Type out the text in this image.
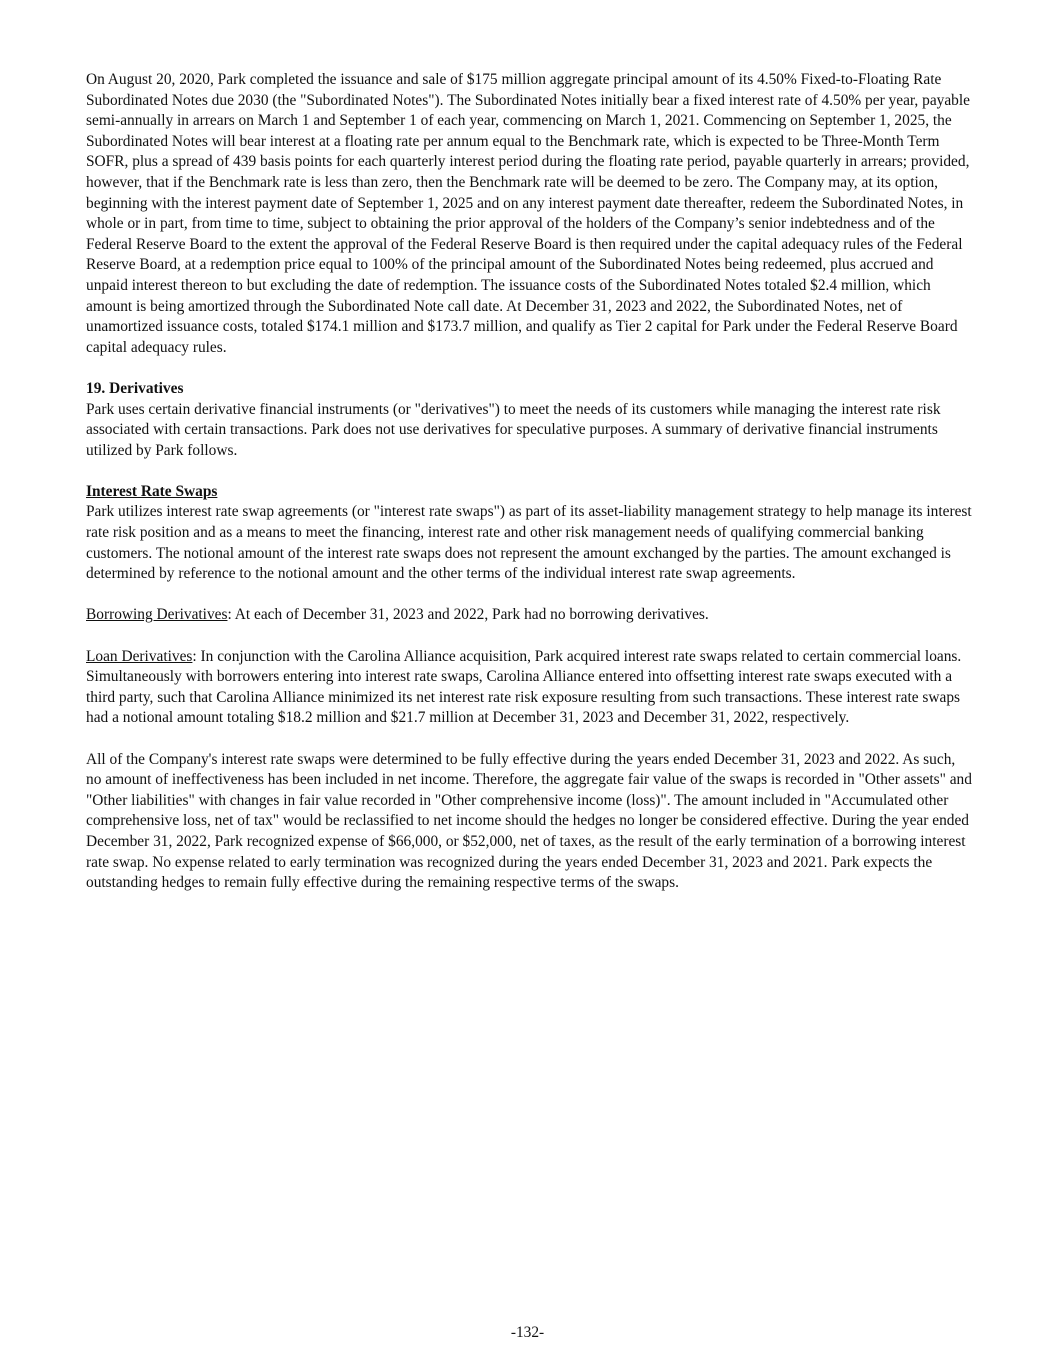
On August 20, 2020, Park completed the issuance and sale of $175 million aggregate principal amount of its 4.50% Fixed-to-Floating Rate Subordinated Notes due 2030 (the "Subordinated Notes"). The Subordinated Notes initially bear a fixed interest rate of 4.50% per year, payable semi-annually in arrears on March 1 and September 1 of each year, commencing on March 1, 2021. Commencing on September 1, 2025, the Subordinated Notes will bear interest at a floating rate per annum equal to the Benchmark rate, which is expected to be Three-Month Term SOFR, plus a spread of 439 basis points for each quarterly interest period during the floating rate period, payable quarterly in arrears; provided, however, that if the Benchmark rate is less than zero, then the Benchmark rate will be deemed to be zero. The Company may, at its option, beginning with the interest payment date of September 1, 2025 and on any interest payment date thereafter, redeem the Subordinated Notes, in whole or in part, from time to time, subject to obtaining the prior approval of the holders of the Company’s senior indebtedness and of the Federal Reserve Board to the extent the approval of the Federal Reserve Board is then required under the capital adequacy rules of the Federal Reserve Board, at a redemption price equal to 100% of the principal amount of the Subordinated Notes being redeemed, plus accrued and unpaid interest thereon to but excluding the date of redemption. The issuance costs of the Subordinated Notes totaled $2.4 million, which amount is being amortized through the Subordinated Note call date. At December 31, 2023 and 2022, the Subordinated Notes, net of unamortized issuance costs, totaled $174.1 million and $173.7 million, and qualify as Tier 2 capital for Park under the Federal Reserve Board capital adequacy rules.

19. Derivatives

Park uses certain derivative financial instruments (or "derivatives") to meet the needs of its customers while managing the interest rate risk associated with certain transactions. Park does not use derivatives for speculative purposes. A summary of derivative financial instruments utilized by Park follows.

Interest Rate Swaps

Park utilizes interest rate swap agreements (or "interest rate swaps") as part of its asset-liability management strategy to help manage its interest rate risk position and as a means to meet the financing, interest rate and other risk management needs of qualifying commercial banking customers. The notional amount of the interest rate swaps does not represent the amount exchanged by the parties. The amount exchanged is determined by reference to the notional amount and the other terms of the individual interest rate swap agreements.

Borrowing Derivatives: At each of December 31, 2023 and 2022, Park had no borrowing derivatives.

Loan Derivatives: In conjunction with the Carolina Alliance acquisition, Park acquired interest rate swaps related to certain commercial loans. Simultaneously with borrowers entering into interest rate swaps, Carolina Alliance entered into offsetting interest rate swaps executed with a third party, such that Carolina Alliance minimized its net interest rate risk exposure resulting from such transactions. These interest rate swaps had a notional amount totaling $18.2 million and $21.7 million at December 31, 2023 and December 31, 2022, respectively.

All of the Company's interest rate swaps were determined to be fully effective during the years ended December 31, 2023 and 2022. As such, no amount of ineffectiveness has been included in net income. Therefore, the aggregate fair value of the swaps is recorded in "Other assets" and "Other liabilities" with changes in fair value recorded in "Other comprehensive income (loss)". The amount included in "Accumulated other comprehensive loss, net of tax" would be reclassified to net income should the hedges no longer be considered effective. During the year ended December 31, 2022, Park recognized expense of $66,000, or $52,000, net of taxes, as the result of the early termination of a borrowing interest rate swap. No expense related to early termination was recognized during the years ended December 31, 2023 and 2021. Park expects the outstanding hedges to remain fully effective during the remaining respective terms of the swaps.

-132-
